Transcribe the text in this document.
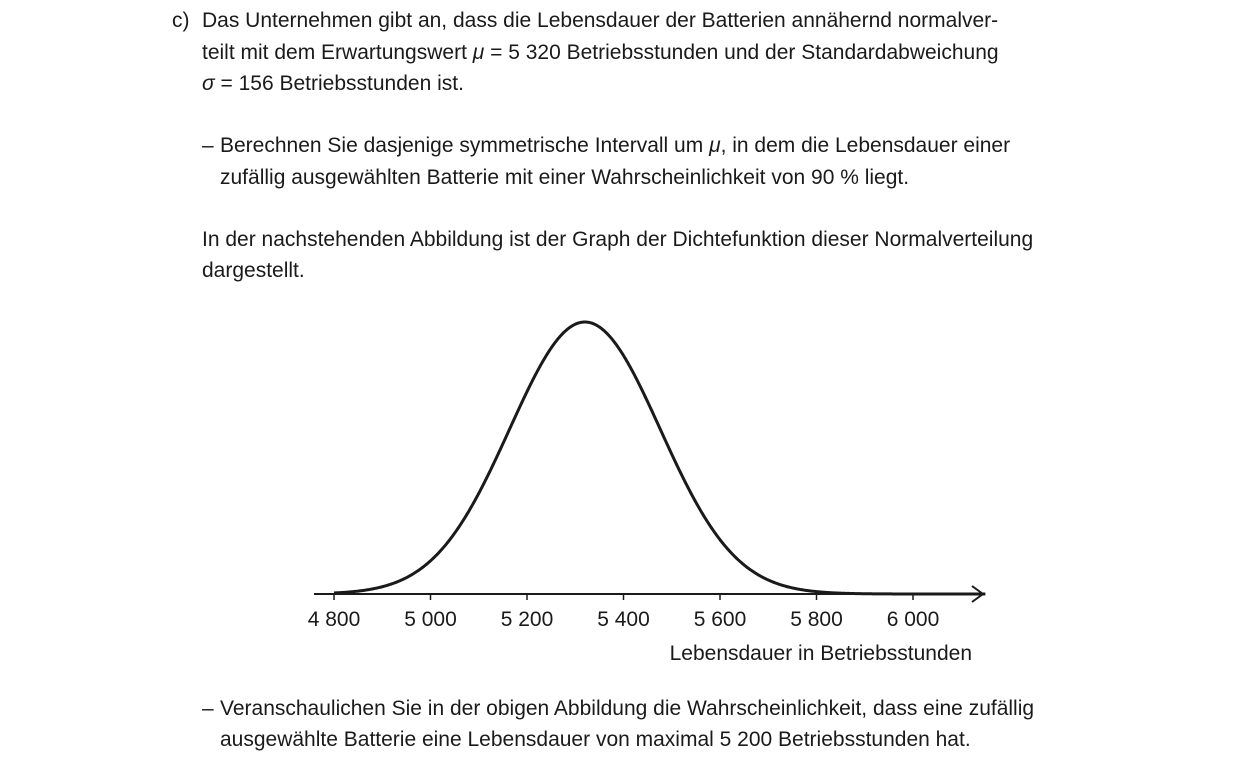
c) Das Unternehmen gibt an, dass die Lebensdauer der Batterien annähernd normalver-
teilt mit dem Erwartungswert μ = 5 320 Betriebsstunden und der Standardabweichung
σ = 156 Betriebsstunden ist.
– Berechnen Sie dasjenige symmetrische Intervall um μ, in dem die Lebensdauer einer
zufällig ausgewählten Batterie mit einer Wahrscheinlichkeit von 90 % liegt.
In der nachstehenden Abbildung ist der Graph der Dichtefunktion dieser Normalverteilung
dargestellt.
4 800 5 000 5 200 5 400 5 600 5 800 6 000
Lebensdauer in Betriebsstunden
– Veranschaulichen Sie in der obigen Abbildung die Wahrscheinlichkeit, dass eine zufällig
ausgewählte Batterie eine Lebensdauer von maximal 5 200 Betriebsstunden hat.
